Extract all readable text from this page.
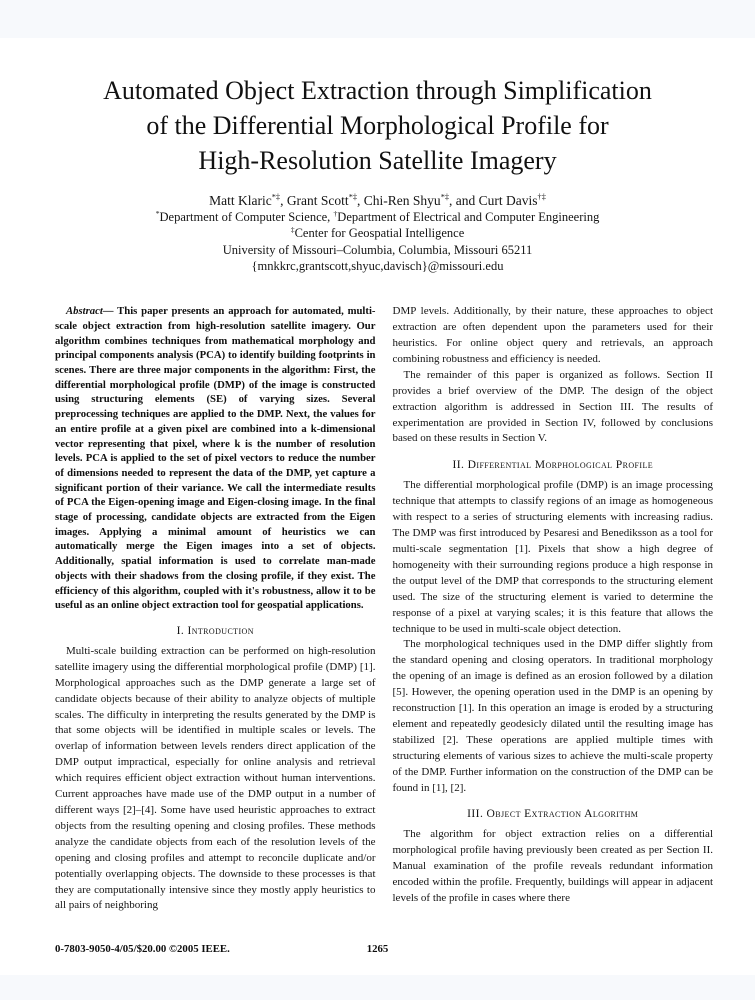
Automated Object Extraction through Simplification
of the Differential Morphological Profile for
High-Resolution Satellite Imagery
Matt Klaric*‡, Grant Scott*‡, Chi-Ren Shyu*‡, and Curt Davis†‡
*Department of Computer Science, †Department of Electrical and Computer Engineering
‡Center for Geospatial Intelligence
University of Missouri–Columbia, Columbia, Missouri 65211
{mnkkrc,grantscott,shyuc,davisch}@missouri.edu

Abstract— This paper presents an approach for automated, multi-scale object extraction from high-resolution satellite imagery. Our algorithm combines techniques from mathematical morphology and principal components analysis (PCA) to identify building footprints in scenes. There are three major components in the algorithm: First, the differential morphological profile (DMP) of the image is constructed using structuring elements (SE) of varying sizes. Several preprocessing techniques are applied to the DMP. Next, the values for an entire profile at a given pixel are combined into a k-dimensional vector representing that pixel, where k is the number of resolution levels. PCA is applied to the set of pixel vectors to reduce the number of dimensions needed to represent the data of the DMP, yet capture a significant portion of their variance. We call the intermediate results of PCA the Eigen-opening image and Eigen-closing image. In the final stage of processing, candidate objects are extracted from the Eigen images. Applying a minimal amount of heuristics we can automatically merge the Eigen images into a set of objects. Additionally, spatial information is used to correlate man-made objects with their shadows from the closing profile, if they exist. The efficiency of this algorithm, coupled with it's robustness, allow it to be useful as an online object extraction tool for geospatial applications.

I. Introduction

Multi-scale building extraction can be performed on high-resolution satellite imagery using the differential morphological profile (DMP) [1]. Morphological approaches such as the DMP generate a large set of candidate objects because of their ability to analyze objects of multiple scales. The difficulty in interpreting the results generated by the DMP is that some objects will be identified in multiple scales or levels. The overlap of information between levels renders direct application of the DMP output impractical, especially for online analysis and retrieval which requires efficient object extraction without human interventions. Current approaches have made use of the DMP output in a number of different ways [2]–[4]. Some have used heuristic approaches to extract objects from the resulting opening and closing profiles. These methods analyze the candidate objects from each of the resolution levels of the opening and closing profiles and attempt to reconcile duplicate and/or potentially overlapping objects. The downside to these processes is that they are computationally intensive since they mostly apply heuristics to all pairs of neighboring

DMP levels. Additionally, by their nature, these approaches to object extraction are often dependent upon the parameters used for their heuristics. For online object query and retrievals, an approach combining robustness and efficiency is needed.

The remainder of this paper is organized as follows. Section II provides a brief overview of the DMP. The design of the object extraction algorithm is addressed in Section III. The results of experimentation are provided in Section IV, followed by conclusions based on these results in Section V.

II. Differential Morphological Profile

The differential morphological profile (DMP) is an image processing technique that attempts to classify regions of an image as homogeneous with respect to a series of structuring elements with increasing radius. The DMP was first introduced by Pesaresi and Benediksson as a tool for multi-scale segmentation [1]. Pixels that show a high degree of homogeneity with their surrounding regions produce a high response in the output level of the DMP that corresponds to the structuring element used. The size of the structuring element is varied to determine the response of a pixel at varying scales; it is this feature that allows the technique to be used in multi-scale object detection.

The morphological techniques used in the DMP differ slightly from the standard opening and closing operators. In traditional morphology the opening of an image is defined as an erosion followed by a dilation [5]. However, the opening operation used in the DMP is an opening by reconstruction [1]. In this operation an image is eroded by a structuring element and repeatedly geodesicly dilated until the resulting image has stabilized [2]. These operations are applied multiple times with structuring elements of various sizes to achieve the multi-scale property of the DMP. Further information on the construction of the DMP can be found in [1], [2].

III. Object Extraction Algorithm

The algorithm for object extraction relies on a differential morphological profile having previously been created as per Section II. Manual examination of the profile reveals redundant information encoded within the profile. Frequently, buildings will appear in adjacent levels of the profile in cases where there

0-7803-9050-4/05/$20.00 ©2005 IEEE.	1265
